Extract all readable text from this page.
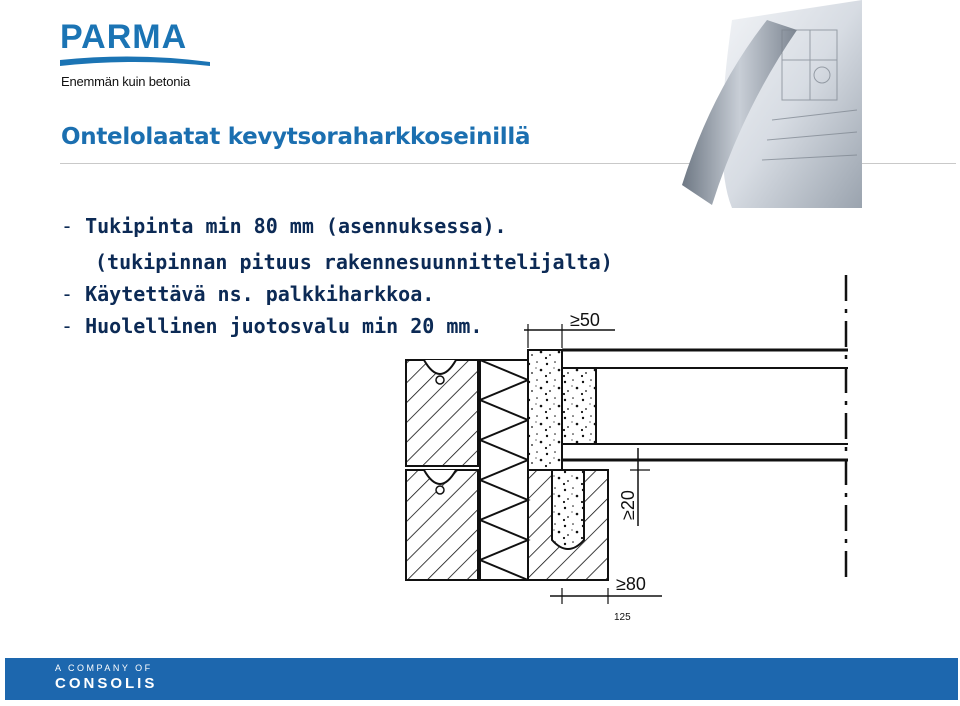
PARMA
Enemmän kuin betonia
Ontelolaatat kevytsoraharkkoseinillä
- Tukipinta min 80 mm (asennuksessa).
(tukipinnan pituus rakennesuunnittelijalta)
- Käytettävä ns. palkkiharkkoa.
- Huolellinen juotosvalu min 20 mm.	≥50
≥20
≥80
125
A COMPANY OF
CONSOLIS
